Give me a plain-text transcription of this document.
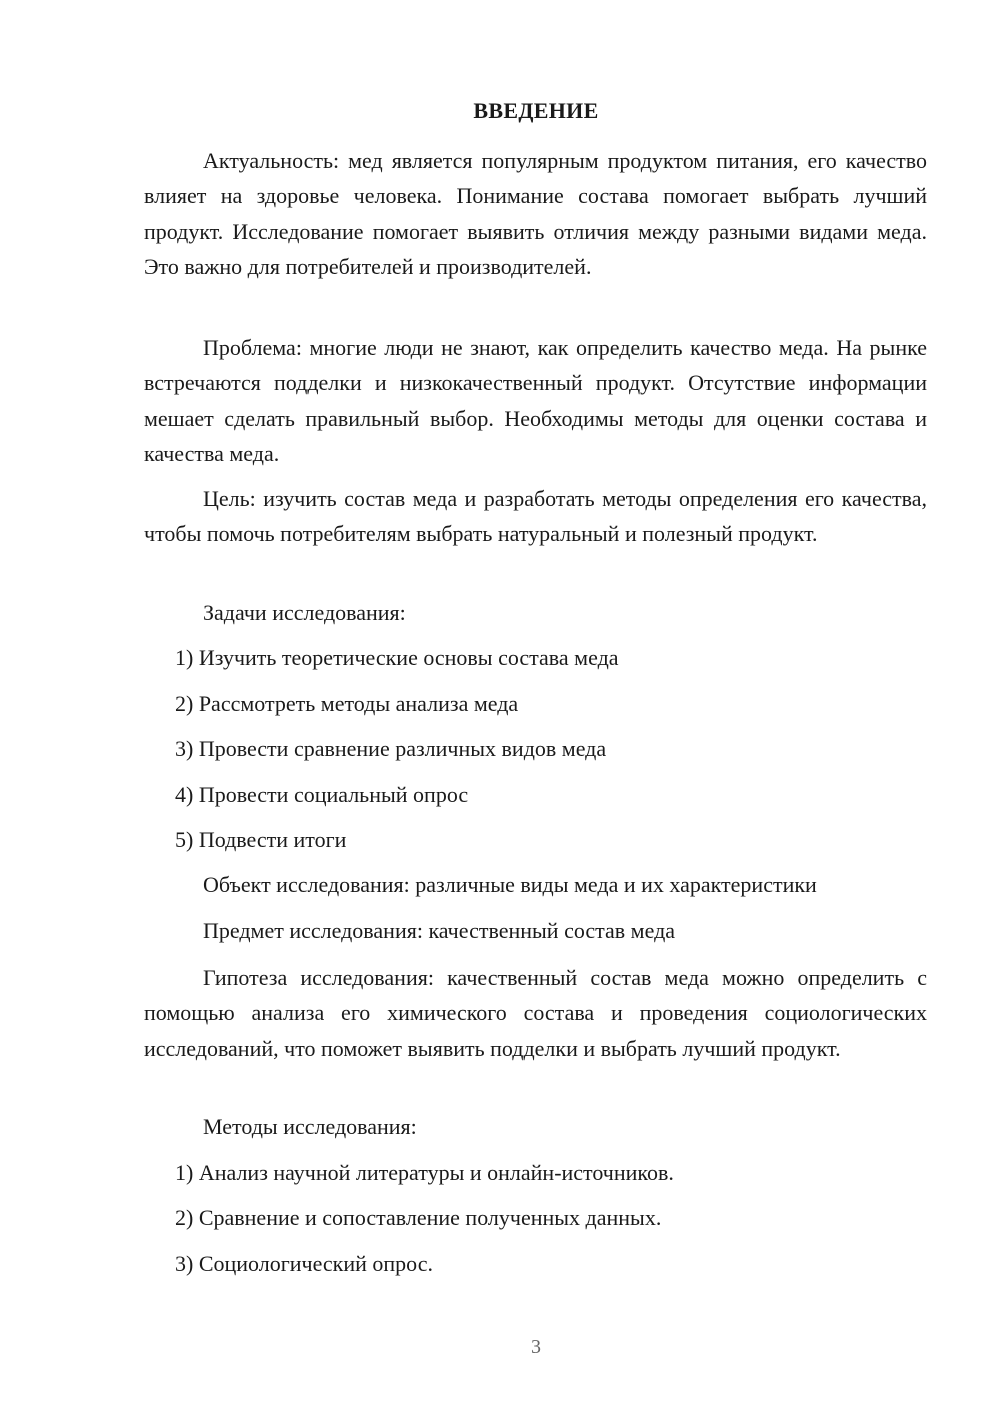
ВВЕДЕНИЕ

Актуальность: мед является популярным продуктом питания, его качество влияет на здоровье человека. Понимание состава помогает выбрать лучший продукт. Исследование помогает выявить отличия между разными видами меда. Это важно для потребителей и производителей.

Проблема: многие люди не знают, как определить качество меда. На рынке встречаются подделки и низкокачественный продукт. Отсутствие информации мешает сделать правильный выбор. Необходимы методы для оценки состава и качества меда.

Цель: изучить состав меда и разработать методы определения его качества, чтобы помочь потребителям выбрать натуральный и полезный продукт.

Задачи исследования:

1) Изучить теоретические основы состава меда

2) Рассмотреть методы анализа меда

3) Провести сравнение различных видов меда

4) Провести социальный опрос

5) Подвести итоги

Объект исследования: различные виды меда и их характеристики

Предмет исследования: качественный состав меда

Гипотеза исследования: качественный состав меда можно определить с помощью анализа его химического состава и проведения социологических исследований, что поможет выявить подделки и выбрать лучший продукт.

Методы исследования:

1) Анализ научной литературы и онлайн-источников.

2) Сравнение и сопоставление полученных данных.

3) Социологический опрос.

3
